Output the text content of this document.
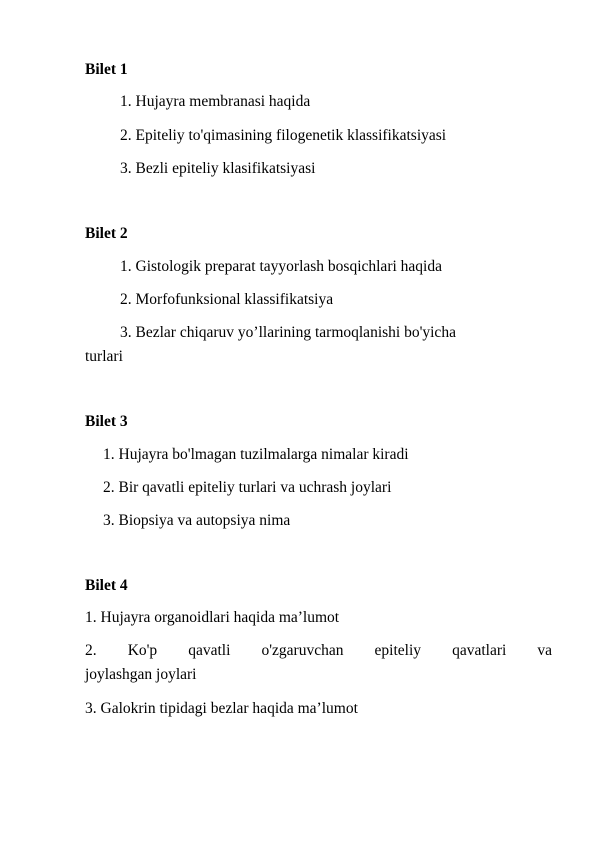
Bilet 1
1. Hujayra membranasi haqida
2. Epiteliy to'qimasining filogenetik klassifikatsiyasi
3. Bezli epiteliy klasifikatsiyasi
Bilet 2
1. Gistologik preparat tayyorlash bosqichlari haqida
2. Morfofunksional klassifikatsiya
3. Bezlar chiqaruv yo’llarining tarmoqlanishi bo'yicha
turlari
Bilet 3
1. Hujayra bo'lmagan tuzilmalarga nimalar kiradi
2. Bir qavatli epiteliy turlari va uchrash joylari
3. Biopsiya va autopsiya nima
Bilet 4
1. Hujayra organoidlari haqida ma’lumot
2. Ko'p qavatli o'zgaruvchan epiteliy qavatlari va
joylashgan joylari
3. Galokrin tipidagi bezlar haqida ma’lumot
